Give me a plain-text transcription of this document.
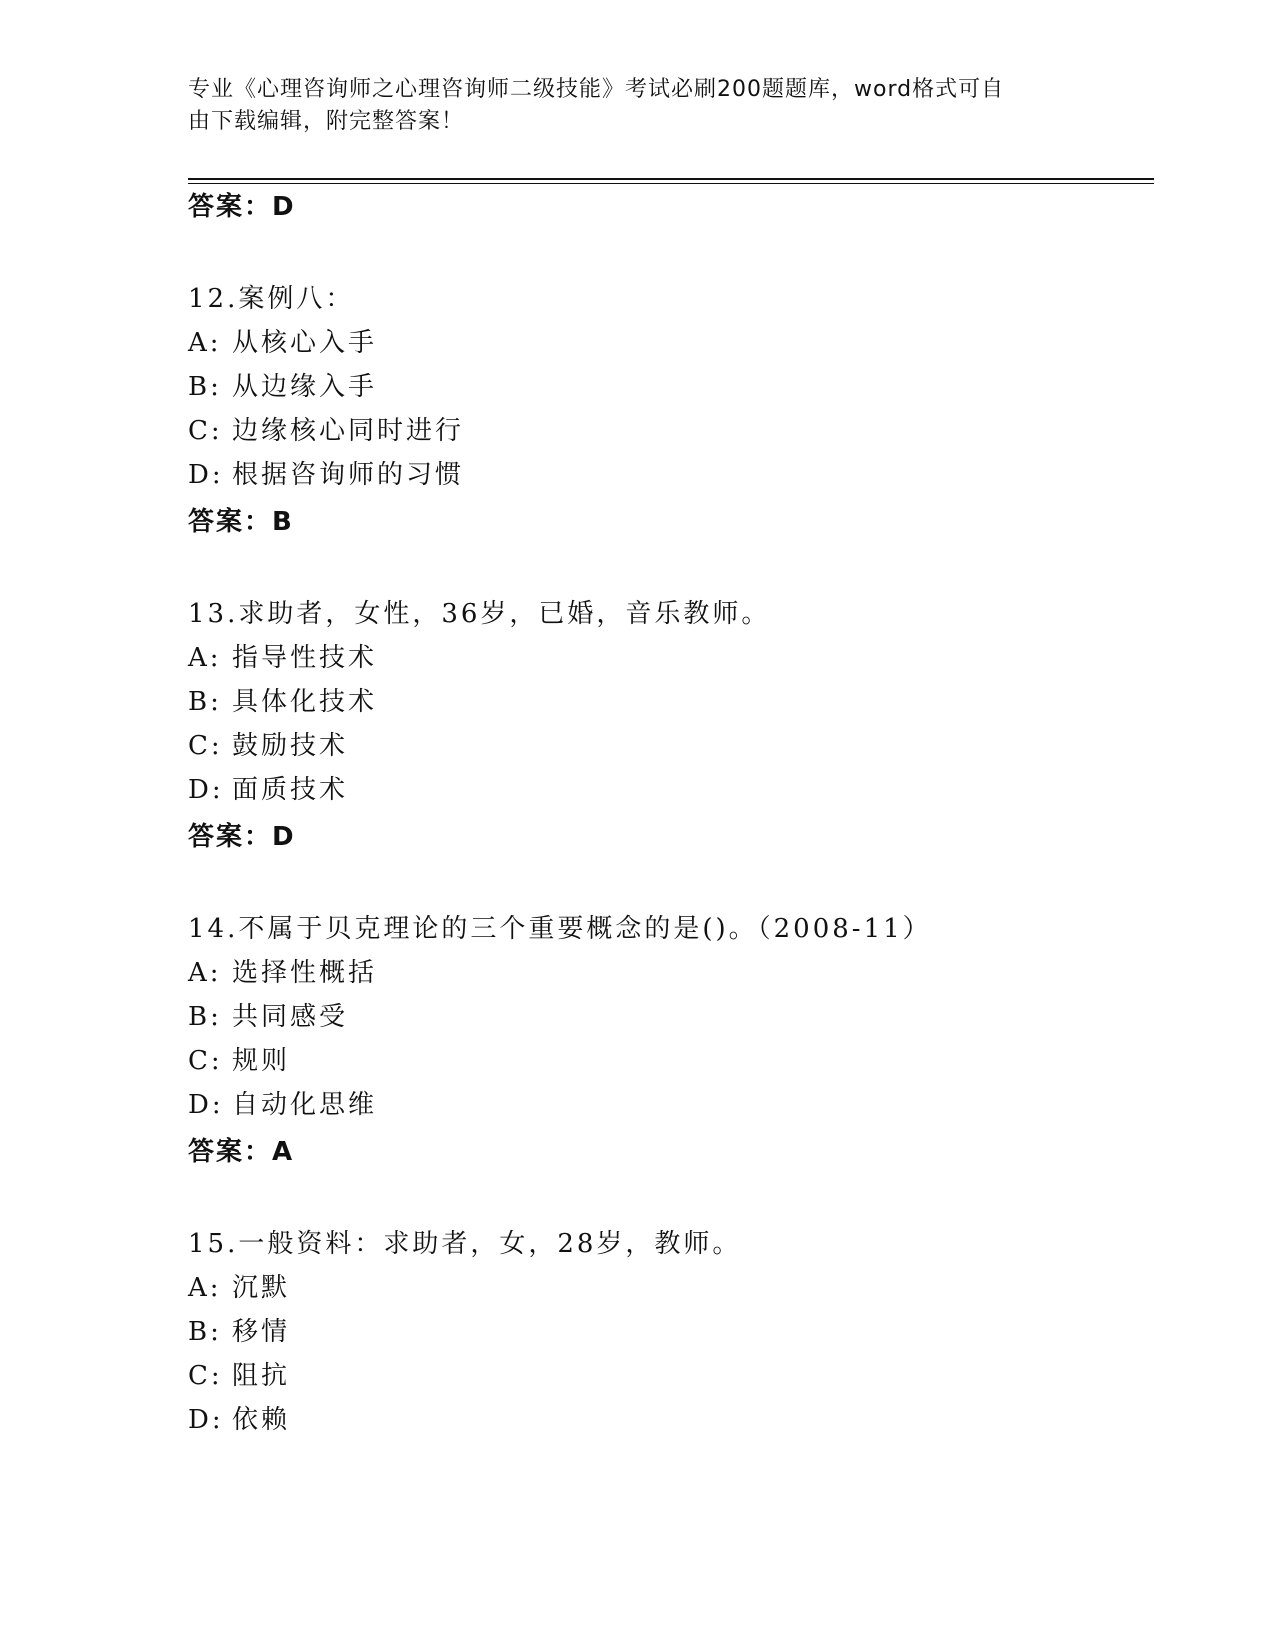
专业《心理咨询师之心理咨询师二级技能》考试必刷200题题库，word格式可自
由下载编辑，附完整答案！
答案：D
12.案例八：
A: 从核心入手
B: 从边缘入手
C: 边缘核心同时进行
D: 根据咨询师的习惯
答案：B
13.求助者，女性，36岁，已婚，音乐教师。
A: 指导性技术
B: 具体化技术
C: 鼓励技术
D: 面质技术
答案：D
14.不属于贝克理论的三个重要概念的是()。（2008-11）
A: 选择性概括
B: 共同感受
C: 规则
D: 自动化思维
答案：A
15.一般资料：求助者，女，28岁，教师。
A: 沉默
B: 移情
C: 阻抗
D: 依赖
